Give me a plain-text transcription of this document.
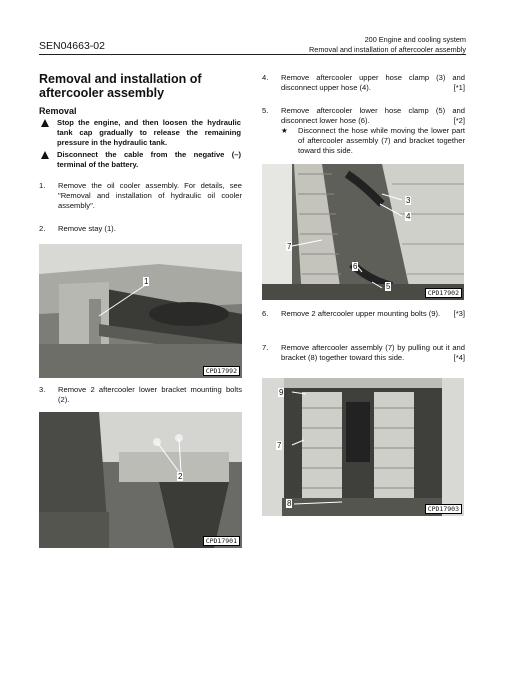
SEN04663-02
200 Engine and cooling system
Removal and installation of aftercooler assembly
Removal and installation of aftercooler assembly
Removal
Stop the engine, and then loosen the hydraulic tank cap gradually to release the remaining pressure in the hydraulic tank.
Disconnect the cable from the negative (–) terminal of the battery.
1. Remove the oil cooler assembly. For details, see "Removal and installation of hydraulic oil cooler assembly".
2. Remove stay (1).
1
CPD17992
3. Remove 2 aftercooler lower bracket mounting bolts (2).
2
CPD17901
4. Remove aftercooler upper hose clamp (3) and disconnect upper hose (4).	[*1]
5. Remove aftercooler lower hose clamp (5) and disconnect lower hose (6).	[*2]
★ Disconnect the hose while moving the lower part of aftercooler assembly (7) and bracket together toward this side.
3
4
7
6
5
CPD17902
6. Remove 2 aftercooler upper mounting bolts (9). [*3]
7. Remove aftercooler assembly (7) by pulling out it and bracket (8) together toward this side.	[*4]
9
7
8
CPD17903
